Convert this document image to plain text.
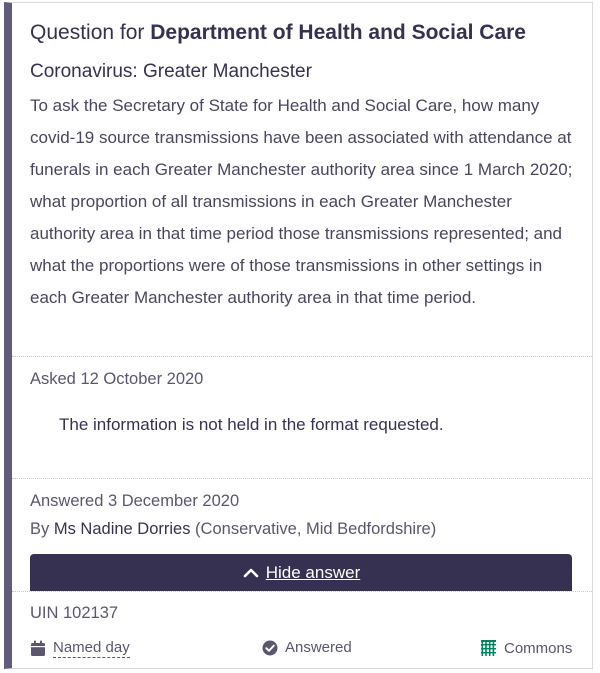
Question for Department of Health and Social Care
Coronavirus: Greater Manchester
To ask the Secretary of State for Health and Social Care, how many covid-19 source transmissions have been associated with attendance at funerals in each Greater Manchester authority area since 1 March 2020; what proportion of all transmissions in each Greater Manchester authority area in that time period those transmissions represented; and what the proportions were of those transmissions in other settings in each Greater Manchester authority area in that time period.
Asked 12 October 2020
The information is not held in the format requested.
Answered 3 December 2020
By Ms Nadine Dorries (Conservative, Mid Bedfordshire)
Hide answer
UIN 102137
Named day	Answered	Commons
